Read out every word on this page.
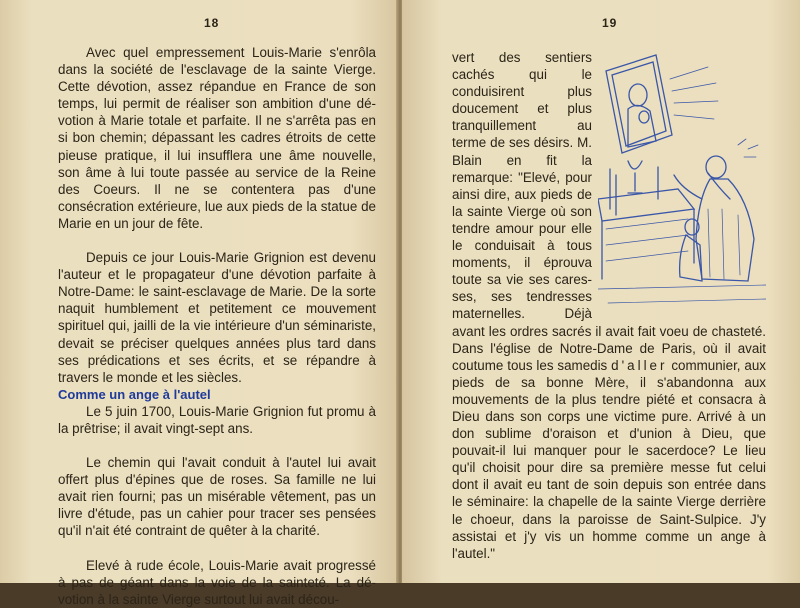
18

Avec quel empressement Louis-Marie s'enrôla dans la société de l'esclavage de la sainte Vierge. Cette dévotion, assez répandue en France de son temps, lui permit de réaliser son ambition d'une dévotion à Marie totale et parfaite. Il ne s'arrêta pas en si bon chemin; dépassant les cadres étroits de cette pieuse pratique, il lui insufflera une âme nouvelle, son âme à lui toute passée au service de la Reine des Coeurs. Il ne se contentera pas d'une consécration extérieure, lue aux pieds de la statue de Marie en un jour de fête.

Depuis ce jour Louis-Marie Grignion est devenu l'auteur et le propagateur d'une dévotion parfaite à Notre-Dame: le saint-esclavage de Marie. De la sorte naquit humblement et petitement ce mouvement spirituel qui, jailli de la vie intérieure d'un séminariste, devait se préciser quelques années plus tard dans ses prédications et ses écrits, et se répandre à travers le monde et les siècles.

Comme un ange à l'autel

Le 5 juin 1700, Louis-Marie Grignion fut promu à la prêtrise; il avait vingt-sept ans.

Le chemin qui l'avait conduit à l'autel lui avait offert plus d'épines que de roses. Sa famille ne lui avait rien fourni; pas un misérable vêtement, pas un livre d'étude, pas un cahier pour tracer ses pensées qu'il n'ait été contraint de quêter à la charité.

Elevé à rude école, Louis-Marie avait progressé à pas de géant dans la voie de la sainteté. La dévotion à la sainte Vierge surtout lui avait décou-

19

vert des sentiers cachés qui le conduisirent plus doucement et plus tranquillement au terme de ses désirs. M. Blain en fit la remarque: "Elevé, pour ainsi dire, aux pieds de la sainte Vierge où son tendre amour pour elle le conduisait à tous moments, il éprouva toute sa vie ses caresses, ses tendresses maternelles. Déjà avant les ordres sacrés il avait fait voeu de chasteté. Dans l'église de Notre-Dame de Paris, où il avait coutume tous les samedis d'aller communier, aux pieds de sa bonne Mère, il s'abandonna aux mouvements de la plus tendre piété et consacra à Dieu dans son corps une victime pure. Arrivé à un don sublime d'oraison et d'union à Dieu, que pouvait-il lui manquer pour le sacerdoce? Le lieu qu'il choisit pour dire sa première messe fut celui dont il avait eu tant de soin depuis son entrée dans le séminaire: la chapelle de la sainte Vierge derrière le choeur, dans la paroisse de Saint-Sulpice. J'y assistai et j'y vis un homme comme un ange à l'autel."
